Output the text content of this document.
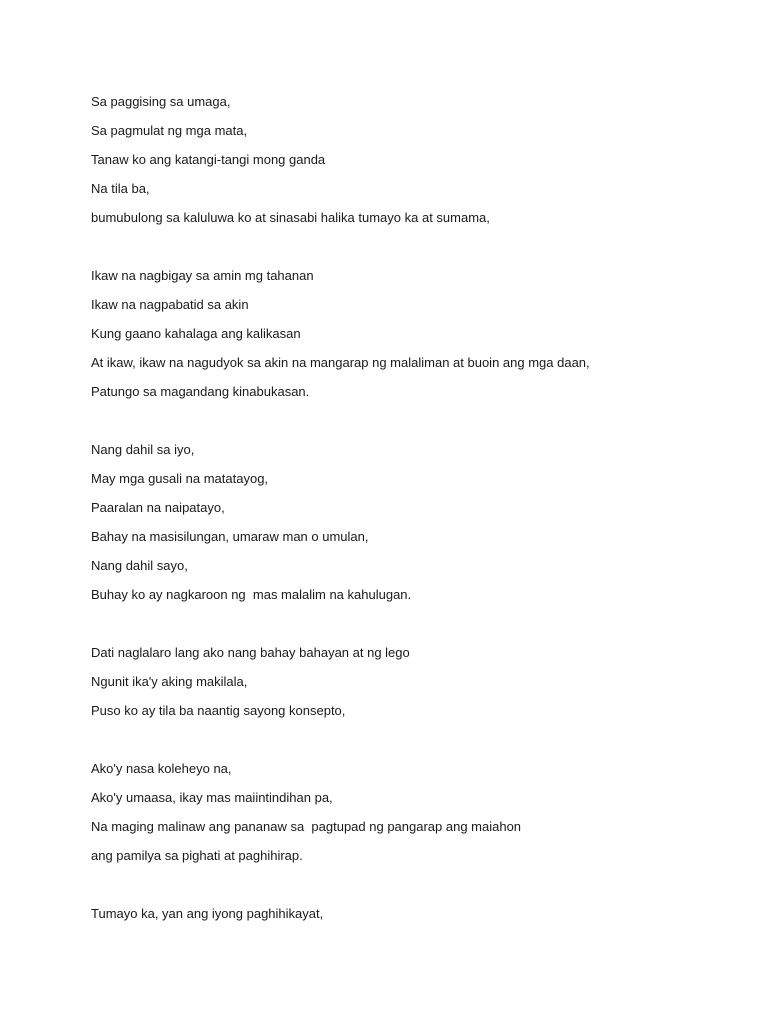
Sa paggising sa umaga,
Sa pagmulat ng mga mata,
Tanaw ko ang katangi-tangi mong ganda
Na tila ba,
bumubulong sa kaluluwa ko at sinasabi halika tumayo ka at sumama,
Ikaw na nagbigay sa amin mg tahanan
Ikaw na nagpabatid sa akin
Kung gaano kahalaga ang kalikasan
At ikaw, ikaw na nagudyok sa akin na mangarap ng malaliman at buoin ang mga daan,
Patungo sa magandang kinabukasan.
Nang dahil sa iyo,
May mga gusali na matatayog,
Paaralan na naipatayo,
Bahay na masisilungan, umaraw man o umulan,
Nang dahil sayo,
Buhay ko ay nagkaroon ng  mas malalim na kahulugan.
Dati naglalaro lang ako nang bahay bahayan at ng lego
Ngunit ika'y aking makilala,
Puso ko ay tila ba naantig sayong konsepto,
Ako'y nasa koleheyo na,
Ako'y umaasa, ikay mas maiintindihan pa,
Na maging malinaw ang pananaw sa  pagtupad ng pangarap ang maiahon
ang pamilya sa pighati at paghihirap.
Tumayo ka, yan ang iyong paghihikayat,
